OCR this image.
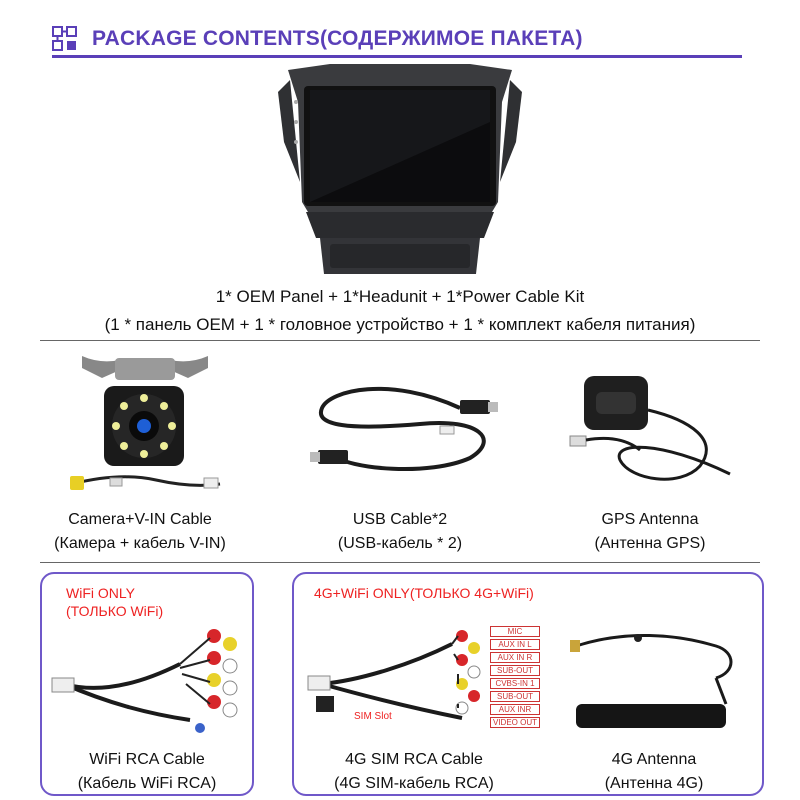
PACKAGE CONTENTS(СОДЕРЖИМОЕ ПАКЕТА)
1* OEM Panel + 1*Headunit + 1*Power Cable Kit
(1 * панель OEM + 1 * головное устройство + 1 * комплект кабеля питания)
Camera+V-IN Cable
(Камера + кабель V-IN)
USB Cable*2
(USB-кабель * 2)
GPS Antenna
(Антенна GPS)
WiFi ONLY
(ТОЛЬКО WiFi)
WiFi RCA Cable
(Кабель WiFi RCA)
4G+WiFi ONLY(ТОЛЬКО 4G+WiFi)
SIM Slot
MIC
AUX IN L
AUX IN R
SUB-OUT
CVBS-IN 1
SUB-OUT
AUX INR
VIDEO OUT
4G SIM RCA Cable
(4G SIM-кабель RCA)
4G Antenna
(Антенна 4G)
